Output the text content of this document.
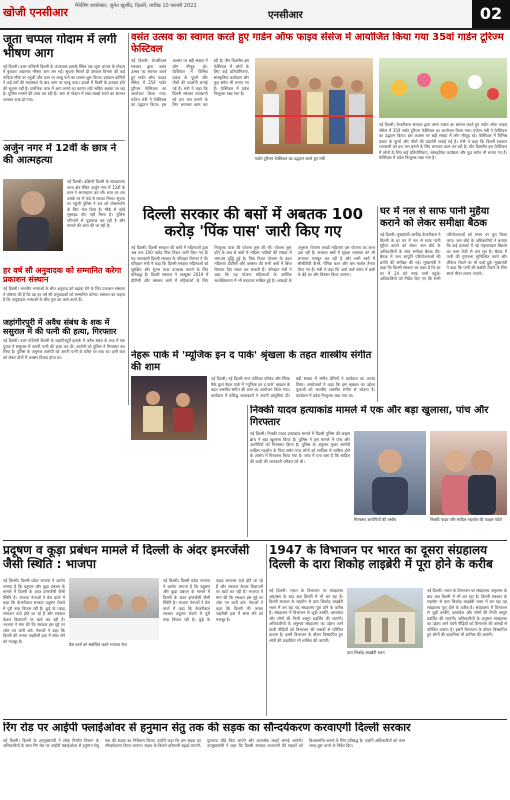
खोजी एनसीआर मैनेजिंग डायरेक्टर, जुनेत खुर्शीद, दिल्ली, तारीख 10 फरवरी 2022
एनसीआर	02
जूता चप्पल गोदाम में लगी भीषण आग
नई दिल्ली। उत्तर पश्चिमी दिल्ली के कंजावला इलाके स्थित एक जूता चप्पल के गोदाम में बुधवार अचानक भीषण आग लग गई। सूचना मिलते ही दमकल विभाग की कई गाड़ियां मौके पर पहुंचीं और आग पर काबू पाने का प्रयास शुरू किया। दमकल कर्मियों ने कई घंटों की मशक्कत के बाद आग पर काबू पाया। हादसे में किसी के हताहत होने की सूचना नहीं है। प्रारंभिक जांच में आग लगने का कारण शॉर्ट सर्किट बताया जा रहा है। पुलिस मामले की जांच कर रही है। आग से गोदाम में रखा लाखों रुपये का सामान जलकर राख हो गया।
अर्जुन नगर में 12वीं के छात्र ने की आत्महत्या
नई दिल्ली। दक्षिणी दिल्ली के सफदरजंग थाना क्षेत्र स्थित अर्जुन नगर में 12वीं के छात्र ने आत्महत्या कर ली। छात्र का शव उसके घर में फंदे से लटका मिला। सूचना पर पहुंची पुलिस ने शव को पोस्टमार्टम के लिए भेज दिया है। मौके से कोई सुसाइड नोट नहीं मिला है। पुलिस परिजनों से पूछताछ कर रही है और मामले की जांच की जा रही है।
हर वर्ष सौ अनुवादक को सम्मानित करेगा प्रकाशन संस्थान
नई दिल्ली। भारतीय भाषाओं के बीच अनुवाद को बढ़ावा देने के लिए प्रकाशन संस्थान ने घोषणा की है कि वह हर वर्ष सौ अनुवादकों को सम्मानित करेगा। संस्थान का कहना है कि अनुवादक भाषाओं के बीच पुल का काम करते हैं।
जहांगीरपुरी में अवैध संबंध के शक में ससुराल में की पत्नी की हत्या, गिरफ्तार
नई दिल्ली। उत्तर पश्चिमी दिल्ली के जहांगीरपुरी इलाके में अवैध संबंध के शक में एक युवक ने ससुराल में अपनी पत्नी की हत्या कर दी। आरोपी को पुलिस ने गिरफ्तार कर लिया है। पुलिस के अनुसार आरोपी को अपनी पत्नी के चरित्र पर शक था। इसी बात को लेकर दोनों में अक्सर विवाद होता था।
वसंत उत्सव का स्वागत करते हुए गार्डन ऑफ फाइव सेंसेज में आयोजित किया गया 35वां गार्डन टूरिज्म फेस्टिवल
नई दिल्ली। केजरीवाल सरकार द्वारा वसंत उत्सव का स्वागत करते हुए गार्डन ऑफ फाइव सेंसेज में 35वें गार्डन टूरिज्म फेस्टिवल का आयोजन किया गया। पर्यटन मंत्री ने फेस्टिवल का उद्घाटन किया। इस अवसर पर बड़ी संख्या में लोग मौजूद रहे। फेस्टिवल में विभिन्न प्रकार के फूलों और पौधों की प्रदर्शनी लगाई गई है। मंत्री ने कहा कि दिल्ली सरकार राजधानी को हरा भरा बनाने के लिए लगातार काम कर रही है। तीन दिवसीय इस फेस्टिवल में लोगों के लिए कई प्रतियोगिताएं, सांस्कृतिक कार्यक्रम और फूड स्टॉल भी लगाए गए हैं। फेस्टिवल में प्रवेश निःशुल्क रखा गया है।
गार्डन टूरिज्म फेस्टिवल का उद्घाटन करते हुए मंत्री
नई दिल्ली। केजरीवाल सरकार द्वारा वसंत उत्सव का स्वागत करते हुए गार्डन ऑफ फाइव सेंसेज में 35वें गार्डन टूरिज्म फेस्टिवल का आयोजन किया गया। पर्यटन मंत्री ने फेस्टिवल का उद्घाटन किया। इस अवसर पर बड़ी संख्या में लोग मौजूद रहे। फेस्टिवल में विभिन्न प्रकार के फूलों और पौधों की प्रदर्शनी लगाई गई है। मंत्री ने कहा कि दिल्ली सरकार राजधानी को हरा भरा बनाने के लिए लगातार काम कर रही है। तीन दिवसीय इस फेस्टिवल में लोगों के लिए कई प्रतियोगिताएं, सांस्कृतिक कार्यक्रम और फूड स्टॉल भी लगाए गए हैं। फेस्टिवल में प्रवेश निःशुल्क रखा गया है।
दिल्ली सरकार की बसों में अबतक 100 करोड़ 'पिंक पास' जारी किए गए
नई दिल्ली। दिल्ली सरकार की बसों में महिलाओं द्वारा अब तक 100 करोड़ पिंक टिकट जारी किए गए हैं। यह जानकारी दिल्ली सरकार के परिवहन विभाग ने दी। परिवहन मंत्री ने कहा कि दिल्ली सरकार महिलाओं को सुरक्षित और सुगम यात्रा उपलब्ध कराने के लिए प्रतिबद्ध है। दिल्ली सरकार ने अक्टूबर 2019 में डीटीसी और क्लस्टर बसों में महिलाओं के लिए निःशुल्क यात्रा की योजना शुरू की थी। योजना शुरू होने के बाद से बसों में महिला यात्रियों की संख्या में लगातार वृद्धि हुई है। पिंक टिकट योजना के तहत महिलाएं डीटीसी और क्लस्टर की सभी बसों में बिना किराया दिए सफर कर सकती हैं। परिवहन मंत्री ने कहा कि यह योजना महिलाओं के आर्थिक सशक्तिकरण में भी मददगार साबित हुई है। आंकड़ों के अनुसार रोजाना लाखों महिलाएं इस योजना का लाभ उठा रही हैं। सरकार बसों में सुरक्षा व्यवस्था को भी लगातार मजबूत कर रही है और सभी बसों में सीसीटीवी कैमरे, पैनिक बटन और बस मार्शल तैनात किए गए हैं। मंत्री ने कहा कि आने वाले समय में बसों के बेड़े का और विस्तार किया जाएगा।
घर में नल से साफ पानी मुहैया कराने को लेकर समीक्षा बैठक
नई दिल्ली। मुख्यमंत्री अरविंद केजरीवाल ने दिल्ली के हर घर में नल से साफ पानी मुहैया कराने को लेकर जल बोर्ड के अधिकारियों के साथ समीक्षा बैठक की। बैठक में जल आपूर्ति परियोजनाओं की प्रगति की समीक्षा की गई। मुख्यमंत्री ने कहा कि दिल्ली सरकार का लक्ष्य है कि हर घर में 24 घंटे साफ पानी पहुंचे। अधिकारियों को निर्देश दिए गए कि सभी परियोजनाओं को समय पर पूरा किया जाए। जल बोर्ड के अधिकारियों ने बताया कि कई इलाकों में नई पाइपलाइन बिछाने का काम तेजी से चल रहा है। बैठक में पानी की गुणवत्ता सुनिश्चित करने और लीकेज रोकने पर भी चर्चा हुई। मुख्यमंत्री ने कहा कि पानी की बर्बादी रोकने के लिए स्मार्ट मीटर लगाए जाएंगे।
नेहरू पार्क में 'म्यूजिक इन द पार्क' श्रृंखला के तहत शास्त्रीय संगीत की शाम
नई दिल्ली। नई दिल्ली नगर पालिका परिषद और स्पिक मैके द्वारा नेहरू पार्क में 'म्यूजिक इन द पार्क' श्रृंखला के तहत शास्त्रीय संगीत की शाम का आयोजन किया गया। कार्यक्रम में प्रसिद्ध कलाकारों ने अपनी प्रस्तुतियां दीं। बड़ी संख्या में संगीत प्रेमियों ने कार्यक्रम का आनंद लिया। आयोजकों ने कहा कि इस श्रृंखला का उद्देश्य युवाओं को भारतीय शास्त्रीय संगीत से जोड़ना है। कार्यक्रम में प्रवेश निःशुल्क रखा गया था।
निक्की यादव हत्याकांड मामले में एक और बड़ा खुलासा, पांच और गिरफ्तार
नई दिल्ली। निक्की यादव हत्याकांड मामले में दिल्ली पुलिस की क्राइम ब्रांच ने बड़ा खुलासा किया है। पुलिस ने इस मामले में पांच और आरोपियों को गिरफ्तार किया है। पुलिस के अनुसार मुख्य आरोपी साहिल गहलोत के पिता समेत पांच लोगों को साजिश में शामिल होने के आरोप में गिरफ्तार किया गया है। जांच में पता चला है कि साहिल की शादी की जानकारी परिवार को थी।
गिरफ्तार आरोपियों की तस्वीर	निक्की यादव और साहिल गहलोत की फाइल फोटो
प्रदूषण व कूड़ा प्रबंधन मामले में दिल्ली के अंदर इमरजेंसी जैसी स्थिति : भाजपा
नई दिल्ली। दिल्ली प्रदेश भाजपा ने आरोप लगाया है कि प्रदूषण और कूड़ा प्रबंधन के मामले में दिल्ली के अंदर इमरजेंसी जैसी स्थिति है। भाजपा नेताओं ने प्रेस वार्ता में कहा कि केजरीवाल सरकार प्रदूषण रोकने में पूरी तरह विफल रही है। कूड़े के पहाड़ लगातार ऊंचे होते जा रहे हैं और सरकार केवल विज्ञापनों पर खर्च कर रही है। भाजपा ने मांग की कि सरकार इस मुद्दे पर श्वेत पत्र जारी करे। नेताओं ने कहा कि दिल्ली की जनता जहरीली हवा में सांस लेने को मजबूर है।
प्रेस वार्ता को संबोधित करते भाजपा नेता
नई दिल्ली। दिल्ली प्रदेश भाजपा ने आरोप लगाया है कि प्रदूषण और कूड़ा प्रबंधन के मामले में दिल्ली के अंदर इमरजेंसी जैसी स्थिति है। भाजपा नेताओं ने प्रेस वार्ता में कहा कि केजरीवाल सरकार प्रदूषण रोकने में पूरी तरह विफल रही है। कूड़े के पहाड़ लगातार ऊंचे होते जा रहे हैं और सरकार केवल विज्ञापनों पर खर्च कर रही है। भाजपा ने मांग की कि सरकार इस मुद्दे पर श्वेत पत्र जारी करे। नेताओं ने कहा कि दिल्ली की जनता जहरीली हवा में सांस लेने को मजबूर है।
1947 के विभाजन पर भारत का दूसरा संग्रहालय दिल्ली के दारा शिकोह लाइब्रेरी में पूरा होने के करीब
नई दिल्ली। भारत के विभाजन पर संग्रहालय अमृतसर के बाद अब दिल्ली में भी बन रहा है। दिल्ली सरकार के सहयोग से दारा शिकोह लाइब्रेरी भवन में बन रहा यह संग्रहालय पूरा होने के करीब है। संग्रहालय में विभाजन से जुड़ी तस्वीरें, दस्तावेज और लोगों की निजी वस्तुएं प्रदर्शित की जाएंगी। अधिकारियों के अनुसार संग्रहालय का उद्देश्य आने वाली पीढ़ियों को विभाजन की त्रासदी से परिचित कराना है। इसमें विभाजन के दौरान विस्थापित हुए लोगों की कहानियां भी शामिल की जाएंगी।
दारा शिकोह लाइब्रेरी भवन
नई दिल्ली। भारत के विभाजन पर संग्रहालय अमृतसर के बाद अब दिल्ली में भी बन रहा है। दिल्ली सरकार के सहयोग से दारा शिकोह लाइब्रेरी भवन में बन रहा यह संग्रहालय पूरा होने के करीब है। संग्रहालय में विभाजन से जुड़ी तस्वीरें, दस्तावेज और लोगों की निजी वस्तुएं प्रदर्शित की जाएंगी। अधिकारियों के अनुसार संग्रहालय का उद्देश्य आने वाली पीढ़ियों को विभाजन की त्रासदी से परिचित कराना है। इसमें विभाजन के दौरान विस्थापित हुए लोगों की कहानियां भी शामिल की जाएंगी।
रिंग रोड पर आईपी फ्लाईओवर से हनुमान सेतु तक की सड़क का सौन्दर्यकरण करवाएगी दिल्ली सरकार
नई दिल्ली। दिल्ली के उपमुख्यमंत्री ने लोक निर्माण विभाग के अधिकारियों के साथ रिंग रोड पर आईपी फ्लाईओवर से हनुमान सेतु तक की सड़क का निरीक्षण किया। उन्होंने कहा कि इस सड़क का सौन्दर्यकरण किया जाएगा। सड़क के किनारे हरियाली बढ़ाई जाएगी, फुटपाथ चौड़े किए जाएंगे और आकर्षक लाइटें लगाई जाएंगी। उपमुख्यमंत्री ने कहा कि दिल्ली सरकार राजधानी की सड़कों को विश्वस्तरीय बनाने के लिए प्रतिबद्ध है। उन्होंने अधिकारियों को काम जल्द शुरू करने के निर्देश दिए।
